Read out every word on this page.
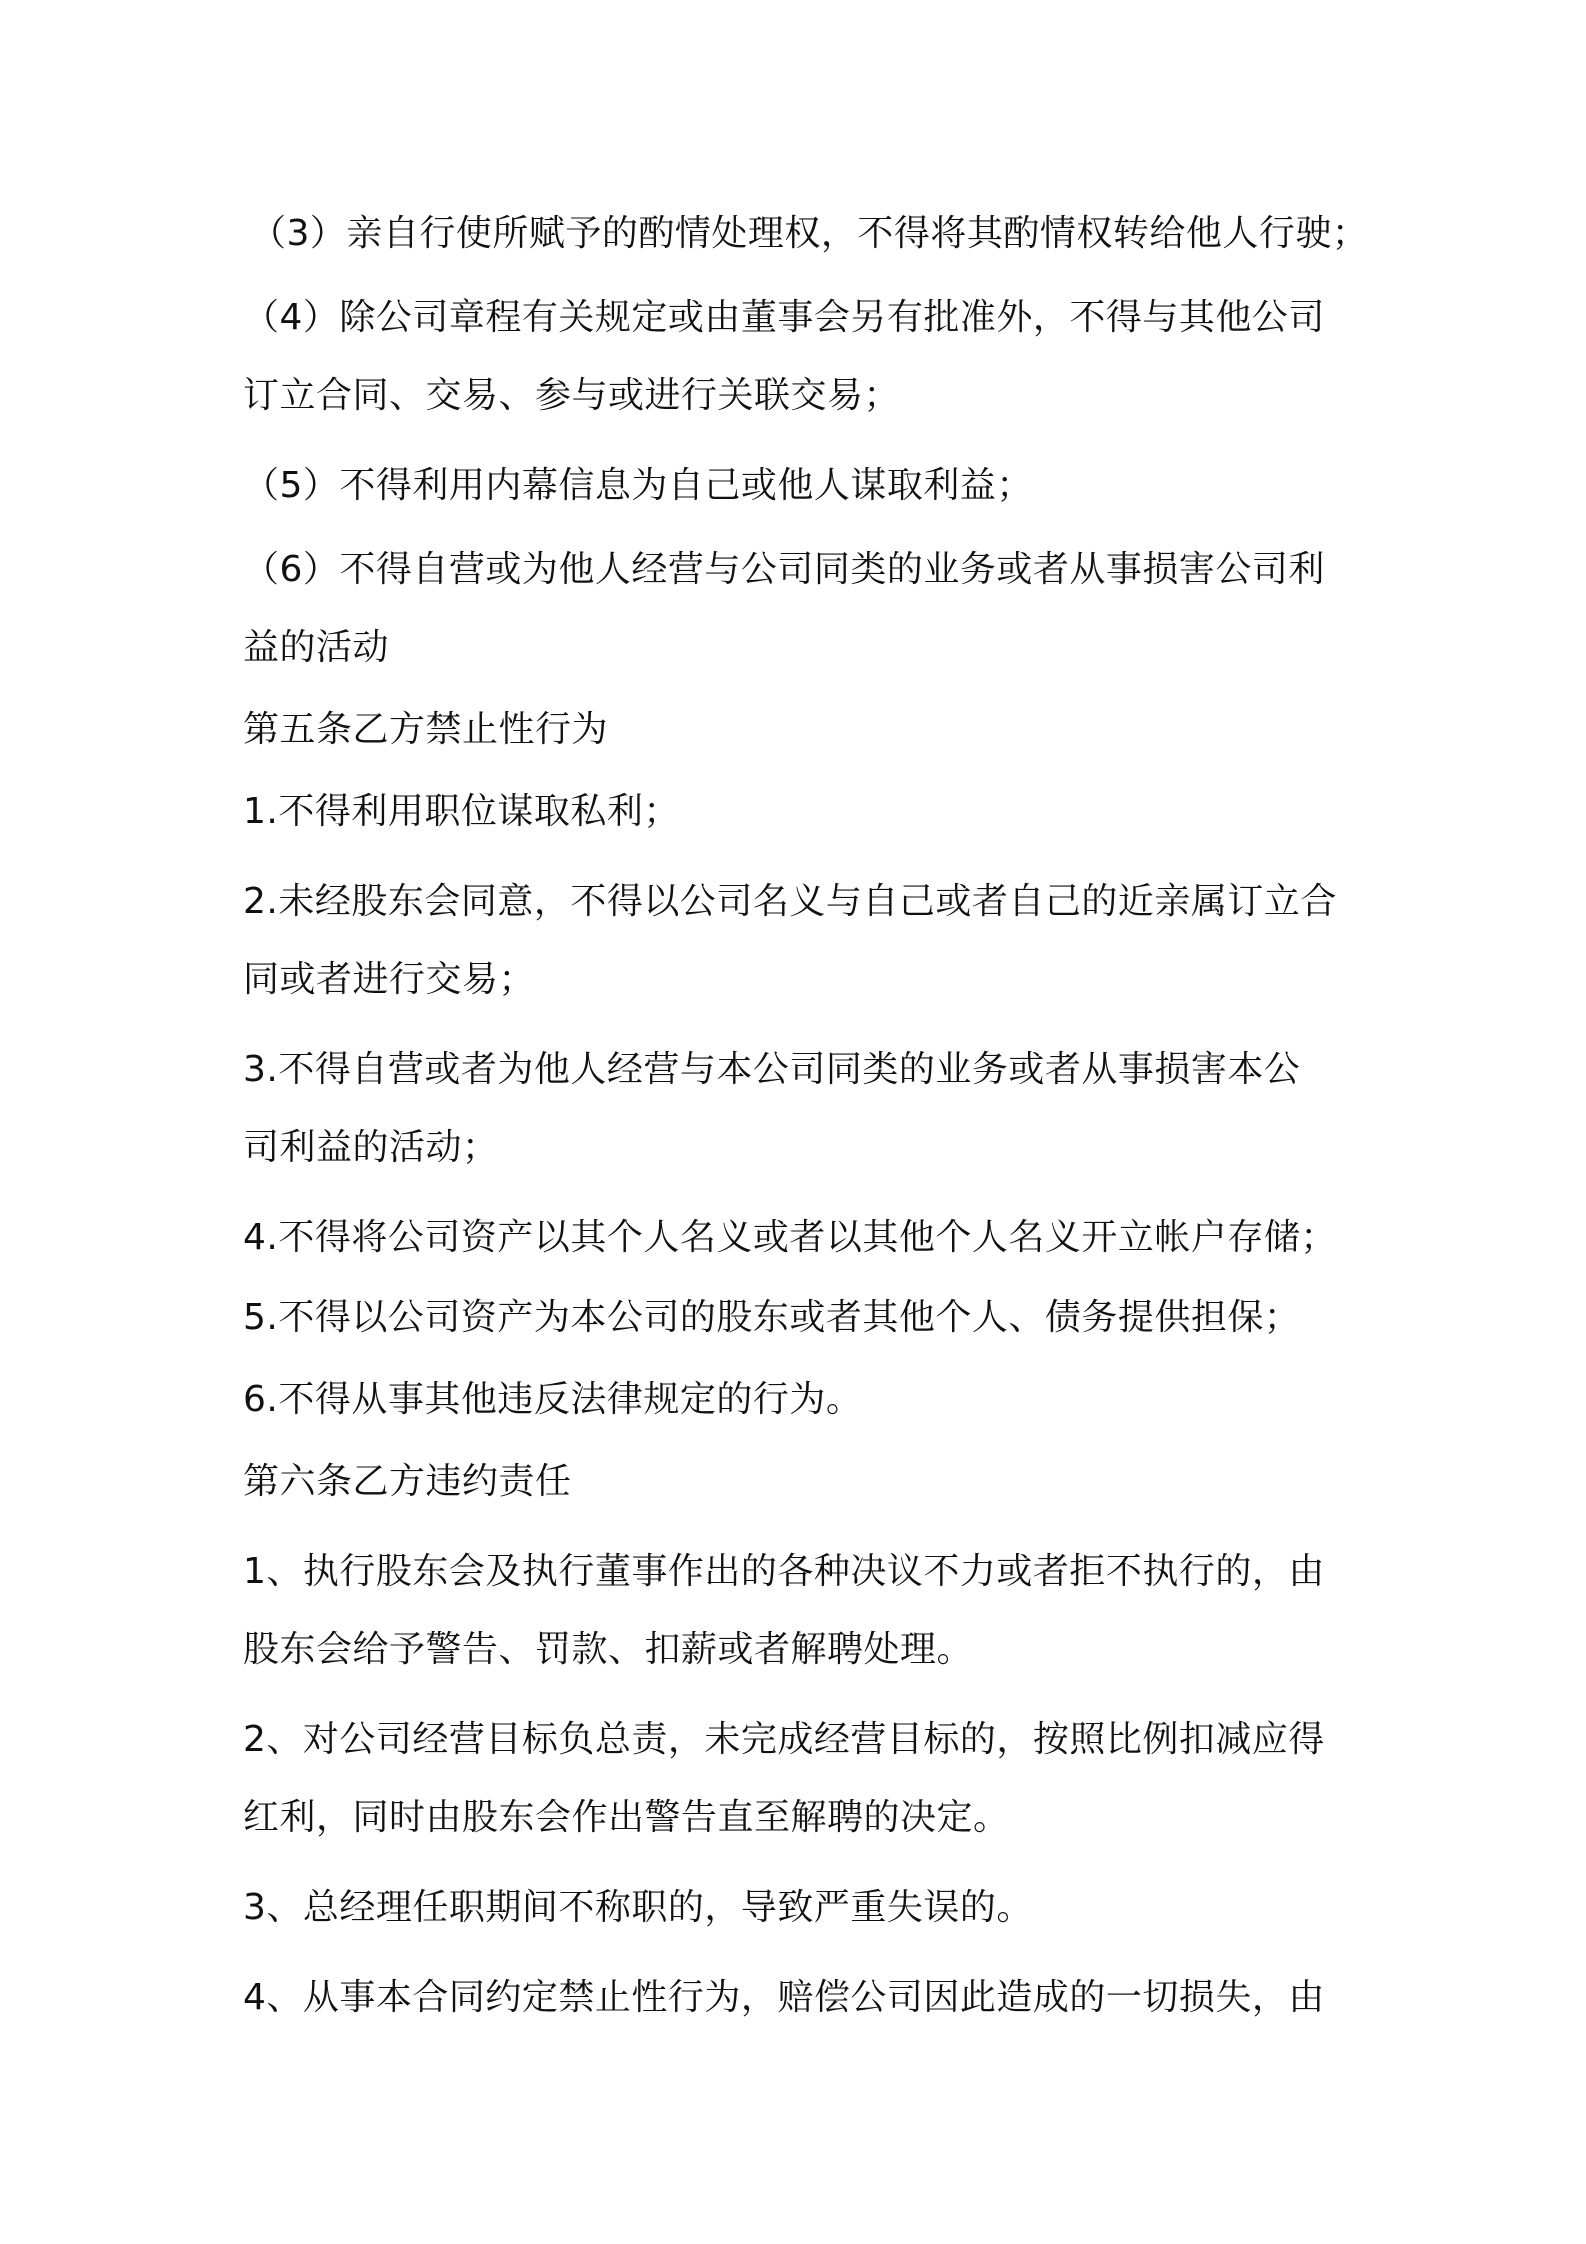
（3）亲自行使所赋予的酌情处理权，不得将其酌情权转给他人行驶；

（4）除公司章程有关规定或由董事会另有批准外，不得与其他公司

订立合同、交易、参与或进行关联交易；

（5）不得利用内幕信息为自己或他人谋取利益；

（6）不得自营或为他人经营与公司同类的业务或者从事损害公司利

益的活动

第五条乙方禁止性行为

1.不得利用职位谋取私利；

2.未经股东会同意，不得以公司名义与自己或者自己的近亲属订立合

同或者进行交易；

3.不得自营或者为他人经营与本公司同类的业务或者从事损害本公

司利益的活动；

4.不得将公司资产以其个人名义或者以其他个人名义开立帐户存储；

5.不得以公司资产为本公司的股东或者其他个人、债务提供担保；

6.不得从事其他违反法律规定的行为。

第六条乙方违约责任

1、执行股东会及执行董事作出的各种决议不力或者拒不执行的，由

股东会给予警告、罚款、扣薪或者解聘处理。

2、对公司经营目标负总责，未完成经营目标的，按照比例扣减应得

红利，同时由股东会作出警告直至解聘的决定。

3、总经理任职期间不称职的，导致严重失误的。

4、从事本合同约定禁止性行为，赔偿公司因此造成的一切损失，由
